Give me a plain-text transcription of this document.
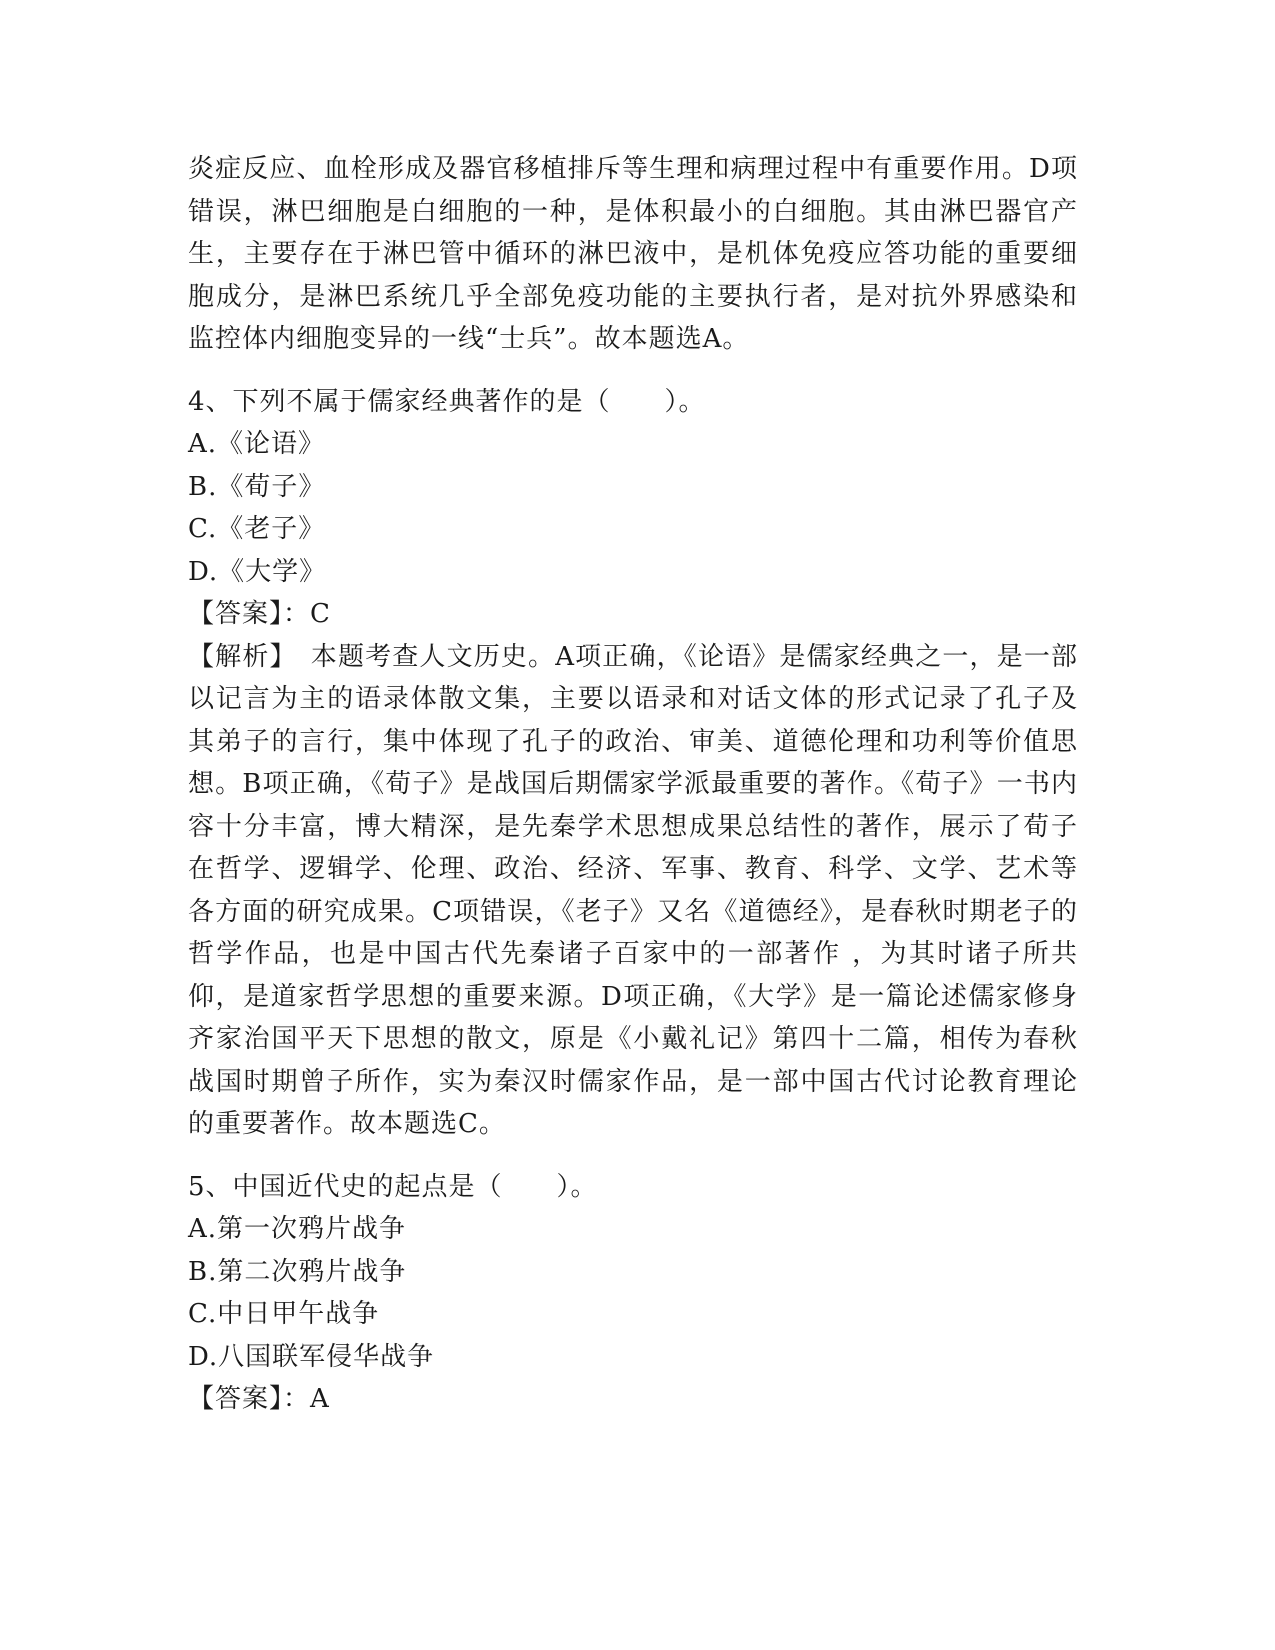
炎症反应、血栓形成及器官移植排斥等生理和病理过程中有重要作用。D项错误，淋巴细胞是白细胞的一种，是体积最小的白细胞。其由淋巴器官产生，主要存在于淋巴管中循环的淋巴液中，是机体免疫应答功能的重要细胞成分，是淋巴系统几乎全部免疫功能的主要执行者，是对抗外界感染和监控体内细胞变异的一线“士兵”。故本题选A。

4、下列不属于儒家经典著作的是（　　）。

A.《论语》

B.《荀子》

C.《老子》

D.《大学》

【答案】：C

【解析】　本题考查人文历史。A项正确，《论语》是儒家经典之一，是一部以记言为主的语录体散文集，主要以语录和对话文体的形式记录了孔子及其弟子的言行，集中体现了孔子的政治、审美、道德伦理和功利等价值思想。B项正确，《荀子》是战国后期儒家学派最重要的著作。《荀子》一书内容十分丰富，博大精深，是先秦学术思想成果总结性的著作，展示了荀子在哲学、逻辑学、伦理、政治、经济、军事、教育、科学、文学、艺术等各方面的研究成果。C项错误，《老子》又名《道德经》，是春秋时期老子的哲学作品，也是中国古代先秦诸子百家中的一部著作 ，为其时诸子所共仰，是道家哲学思想的重要来源。D项正确，《大学》是一篇论述儒家修身齐家治国平天下思想的散文，原是《小戴礼记》第四十二篇，相传为春秋战国时期曾子所作，实为秦汉时儒家作品，是一部中国古代讨论教育理论的重要著作。故本题选C。

5、中国近代史的起点是（　　）。

A.第一次鸦片战争

B.第二次鸦片战争

C.中日甲午战争

D.八国联军侵华战争

【答案】：A
